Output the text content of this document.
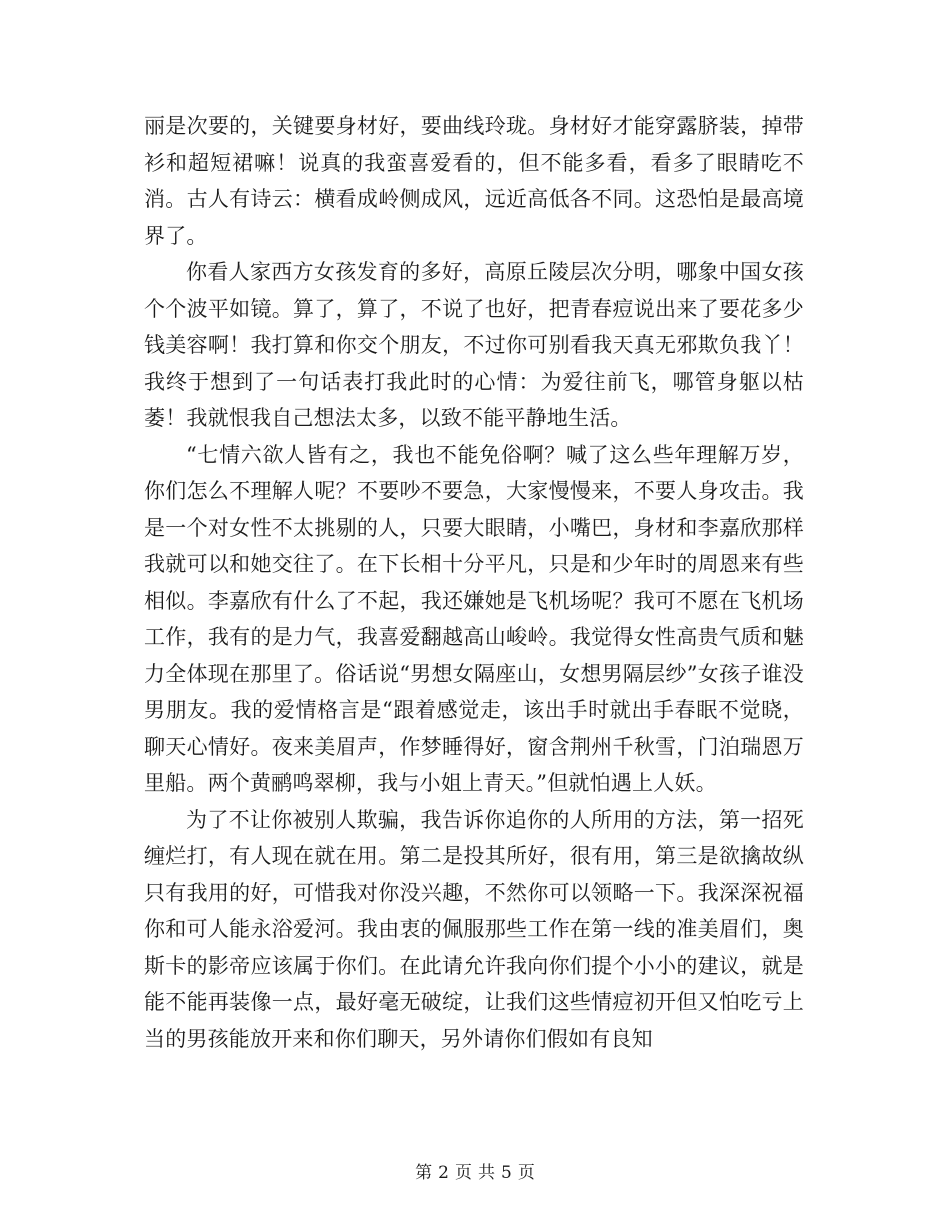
丽是次要的，关键要身材好，要曲线玲珑。身材好才能穿露脐装，掉带衫和超短裙嘛！说真的我蛮喜爱看的，但不能多看，看多了眼睛吃不消。古人有诗云：横看成岭侧成风，远近高低各不同。这恐怕是最高境界了。

你看人家西方女孩发育的多好，高原丘陵层次分明，哪象中国女孩个个波平如镜。算了，算了，不说了也好，把青春痘说出来了要花多少钱美容啊！我打算和你交个朋友，不过你可别看我天真无邪欺负我丫！我终于想到了一句话表打我此时的心情：为爱往前飞，哪管身躯以枯萎！我就恨我自己想法太多，以致不能平静地生活。

“七情六欲人皆有之，我也不能免俗啊？喊了这么些年理解万岁，你们怎么不理解人呢？不要吵不要急，大家慢慢来，不要人身攻击。我是一个对女性不太挑剔的人，只要大眼睛，小嘴巴，身材和李嘉欣那样我就可以和她交往了。在下长相十分平凡，只是和少年时的周恩来有些相似。李嘉欣有什么了不起，我还嫌她是飞机场呢？我可不愿在飞机场工作，我有的是力气，我喜爱翻越高山峻岭。我觉得女性高贵气质和魅力全体现在那里了。俗话说“男想女隔座山，女想男隔层纱”女孩子谁没男朋友。我的爱情格言是“跟着感觉走，该出手时就出手春眠不觉晓，聊天心情好。夜来美眉声，作梦睡得好，窗含荆州千秋雪，门泊瑞恩万里船。两个黄鹂鸣翠柳，我与小姐上青天。”但就怕遇上人妖。

为了不让你被别人欺骗，我告诉你追你的人所用的方法，第一招死缠烂打，有人现在就在用。第二是投其所好，很有用，第三是欲擒故纵只有我用的好，可惜我对你没兴趣，不然你可以领略一下。我深深祝福你和可人能永浴爱河。我由衷的佩服那些工作在第一线的准美眉们，奥斯卡的影帝应该属于你们。在此请允许我向你们提个小小的建议，就是能不能再装像一点，最好毫无破绽，让我们这些情痘初开但又怕吃亏上当的男孩能放开来和你们聊天，另外请你们假如有良知

第 2 页 共 5 页
